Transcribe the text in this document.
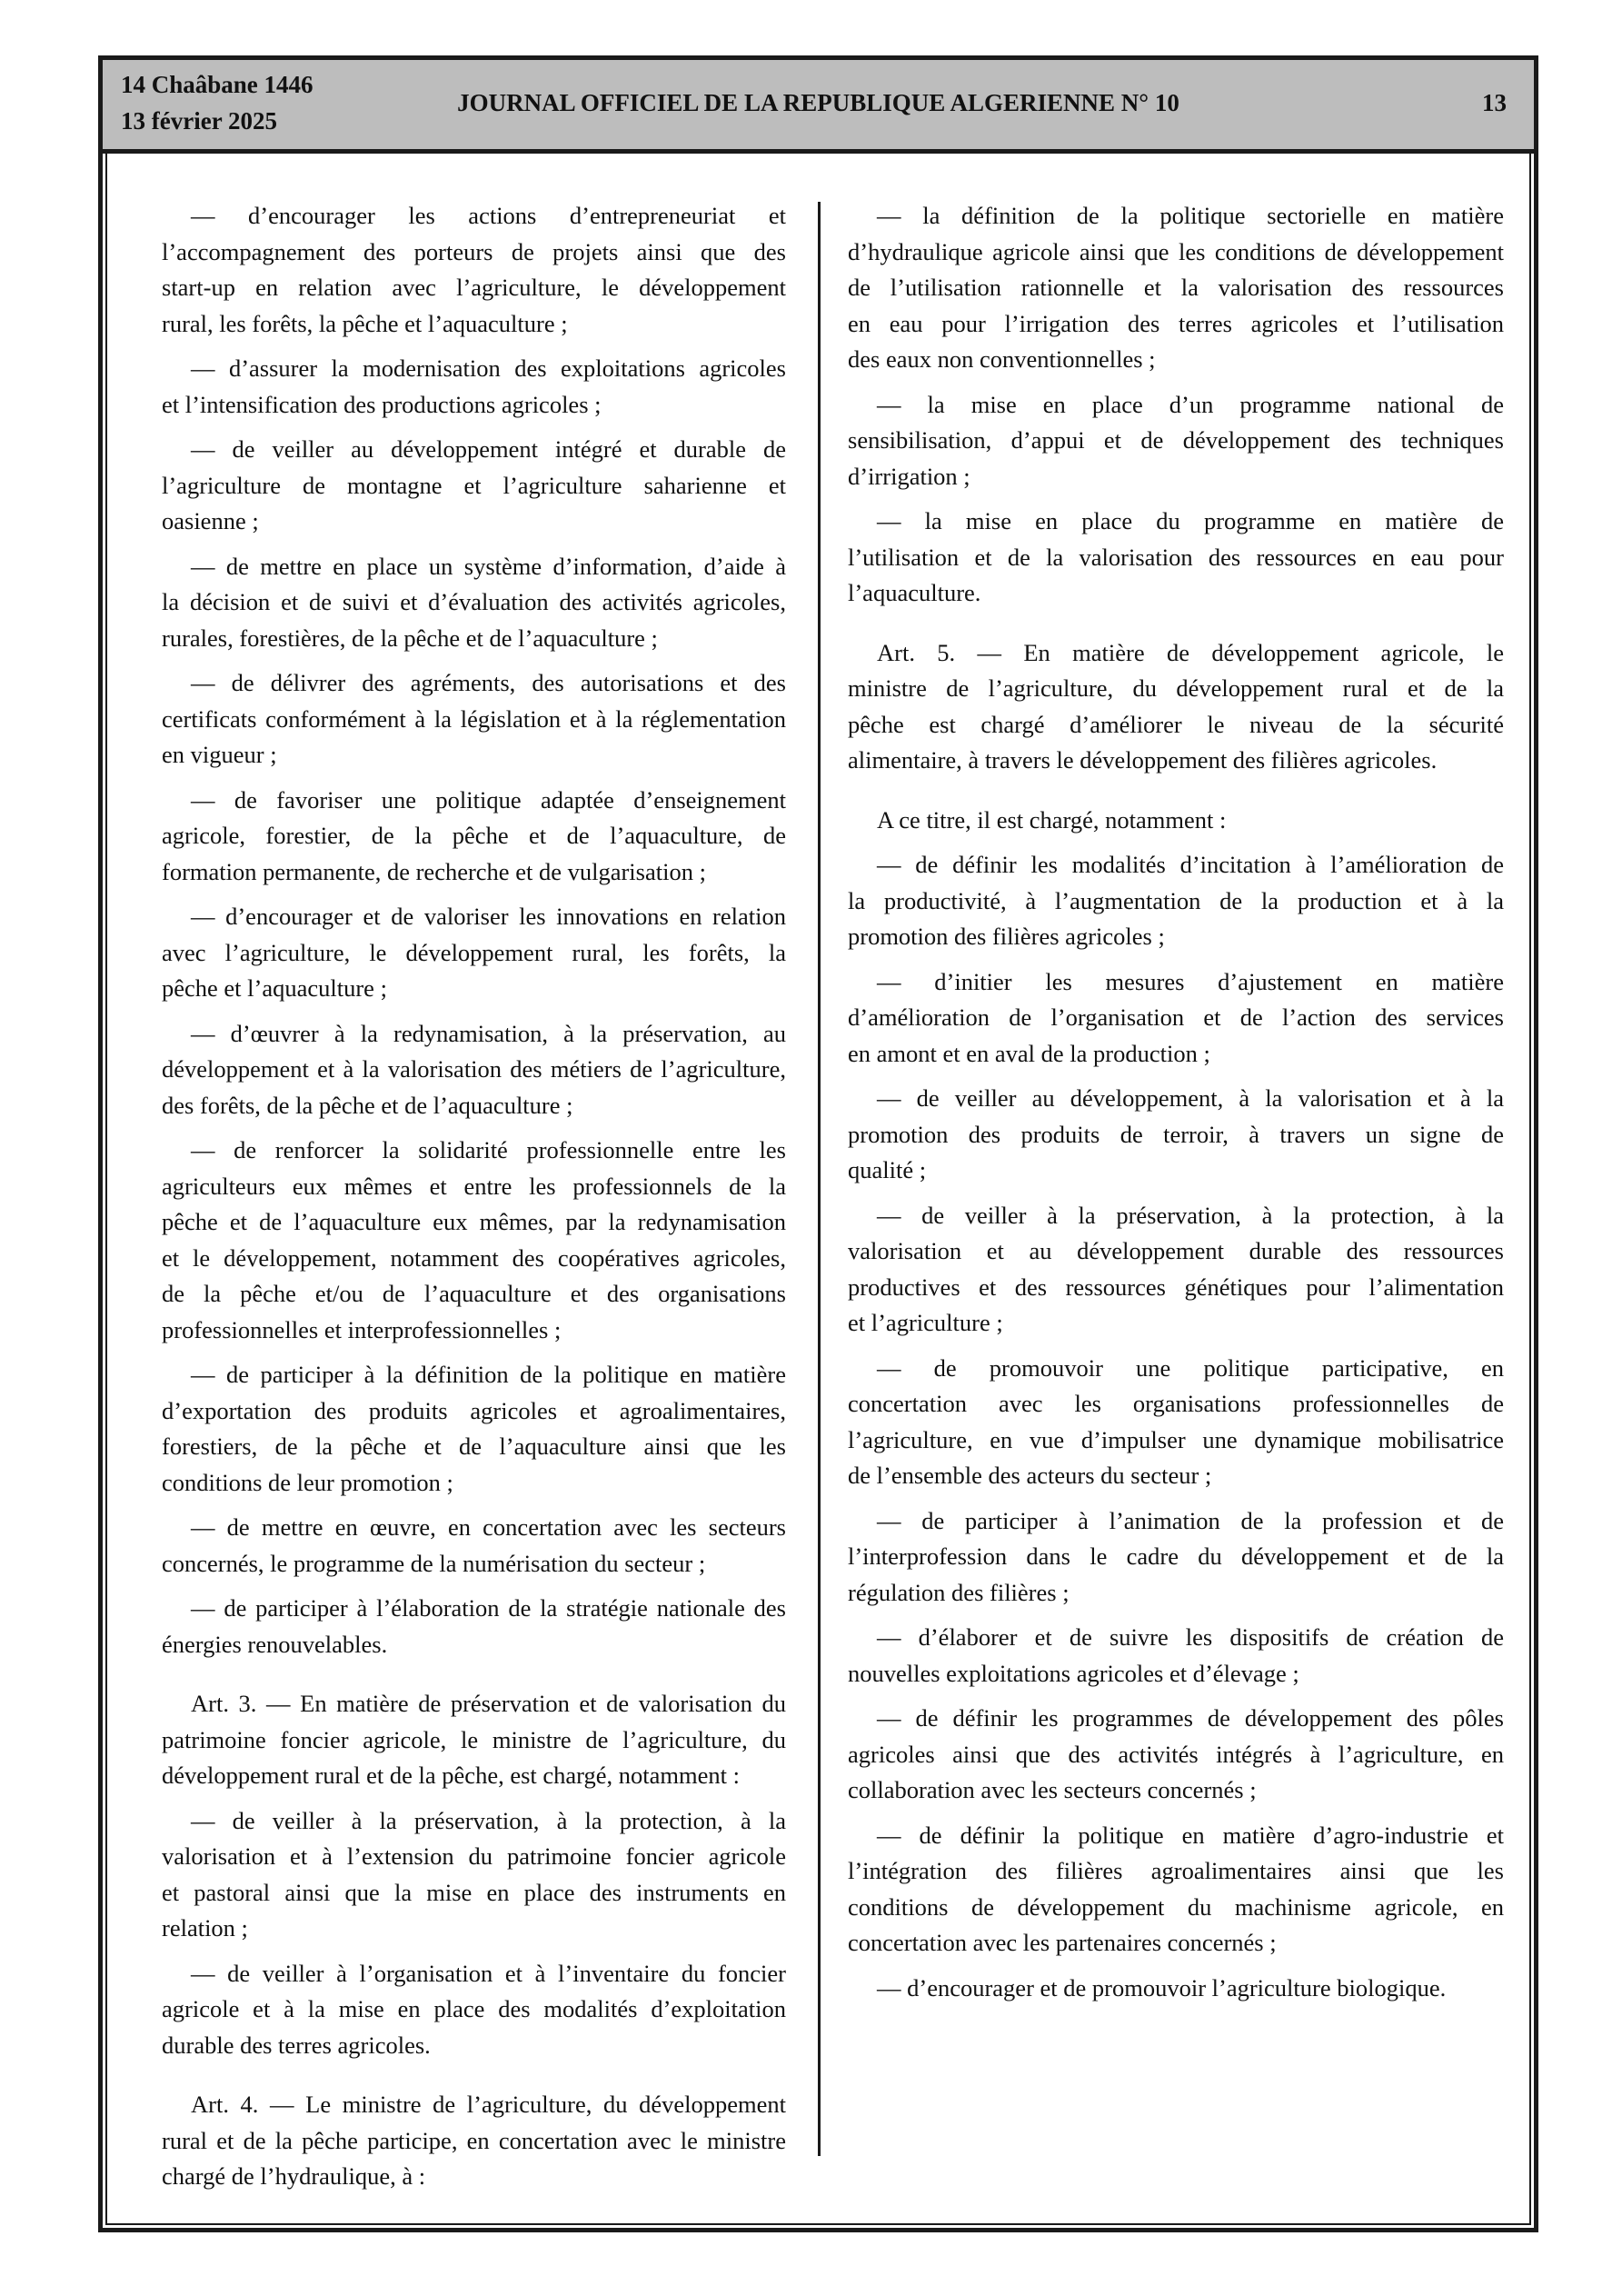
14 Chaâbane 1446
13 février 2025
JOURNAL OFFICIEL DE LA REPUBLIQUE ALGERIENNE N° 10	13
— d’encourager les actions d’entrepreneuriat et
l’accompagnement des porteurs de projets ainsi que des
start-up en relation avec l’agriculture, le développement
rural, les forêts, la pêche et l’aquaculture ;
— d’assurer la modernisation des exploitations agricoles
et l’intensification des productions agricoles ;
— de veiller au développement intégré et durable de
l’agriculture de montagne et l’agriculture saharienne et
oasienne ;
— de mettre en place un système d’information, d’aide à
la décision et de suivi et d’évaluation des activités agricoles,
rurales, forestières, de la pêche et de l’aquaculture ;
— de délivrer des agréments, des autorisations et des
certificats conformément à la législation et à la réglementation
en vigueur ;
— de favoriser une politique adaptée d’enseignement
agricole, forestier, de la pêche et de l’aquaculture, de
formation permanente, de recherche et de vulgarisation ;
— d’encourager et de valoriser les innovations en relation
avec l’agriculture, le développement rural, les forêts, la
pêche et l’aquaculture ;
— d’œuvrer à la redynamisation, à la préservation, au
développement et à la valorisation des métiers de l’agriculture,
des forêts, de la pêche et de l’aquaculture ;
— de renforcer la solidarité professionnelle entre les
agriculteurs eux mêmes et entre les professionnels de la
pêche et de l’aquaculture eux mêmes, par la redynamisation
et le développement, notamment des coopératives agricoles,
de la pêche et/ou de l’aquaculture et des organisations
professionnelles et interprofessionnelles ;
— de participer à la définition de la politique en matière
d’exportation des produits agricoles et agroalimentaires,
forestiers, de la pêche et de l’aquaculture ainsi que les
conditions de leur promotion ;
— de mettre en œuvre, en concertation avec les secteurs
concernés, le programme de la numérisation du secteur ;
— de participer à l’élaboration de la stratégie nationale des
énergies renouvelables.
Art. 3. — En matière de préservation et de valorisation du
patrimoine foncier agricole, le ministre de l’agriculture, du
développement rural et de la pêche, est chargé, notamment :
— de veiller à la préservation, à la protection, à la
valorisation et à l’extension du patrimoine foncier agricole
et pastoral ainsi que la mise en place des instruments en
relation ;
— de veiller à l’organisation et à l’inventaire du foncier
agricole et à la mise en place des modalités d’exploitation
durable des terres agricoles.
Art. 4. — Le ministre de l’agriculture, du développement
rural et de la pêche participe, en concertation avec le ministre
chargé de l’hydraulique, à :
— la définition de la politique sectorielle en matière
d’hydraulique agricole ainsi que les conditions de développement
de l’utilisation rationnelle et la valorisation des ressources
en eau pour l’irrigation des terres agricoles et l’utilisation
des eaux non conventionnelles ;
— la mise en place d’un programme national de
sensibilisation, d’appui et de développement des techniques
d’irrigation ;
— la mise en place du programme en matière de
l’utilisation et de la valorisation des ressources en eau pour
l’aquaculture.
Art. 5. — En matière de développement agricole, le
ministre de l’agriculture, du développement rural et de la
pêche est chargé d’améliorer le niveau de la sécurité
alimentaire, à travers le développement des filières agricoles.
A ce titre, il est chargé, notamment :
— de définir les modalités d’incitation à l’amélioration de
la productivité, à l’augmentation de la production et à la
promotion des filières agricoles ;
— d’initier les mesures d’ajustement en matière
d’amélioration de l’organisation et de l’action des services
en amont et en aval de la production ;
— de veiller au développement, à la valorisation et à la
promotion des produits de terroir, à travers un signe de
qualité ;
— de veiller à la préservation, à la protection, à la
valorisation et au développement durable des ressources
productives et des ressources génétiques pour l’alimentation
et l’agriculture ;
— de promouvoir une politique participative, en
concertation avec les organisations professionnelles de
l’agriculture, en vue d’impulser une dynamique mobilisatrice
de l’ensemble des acteurs du secteur ;
— de participer à l’animation de la profession et de
l’interprofession dans le cadre du développement et de la
régulation des filières ;
— d’élaborer et de suivre les dispositifs de création de
nouvelles exploitations agricoles et d’élevage ;
— de définir les programmes de développement des pôles
agricoles ainsi que des activités intégrés à l’agriculture, en
collaboration avec les secteurs concernés ;
— de définir la politique en matière d’agro-industrie et
l’intégration des filières agroalimentaires ainsi que les
conditions de développement du machinisme agricole, en
concertation avec les partenaires concernés ;
— d’encourager et de promouvoir l’agriculture biologique.
